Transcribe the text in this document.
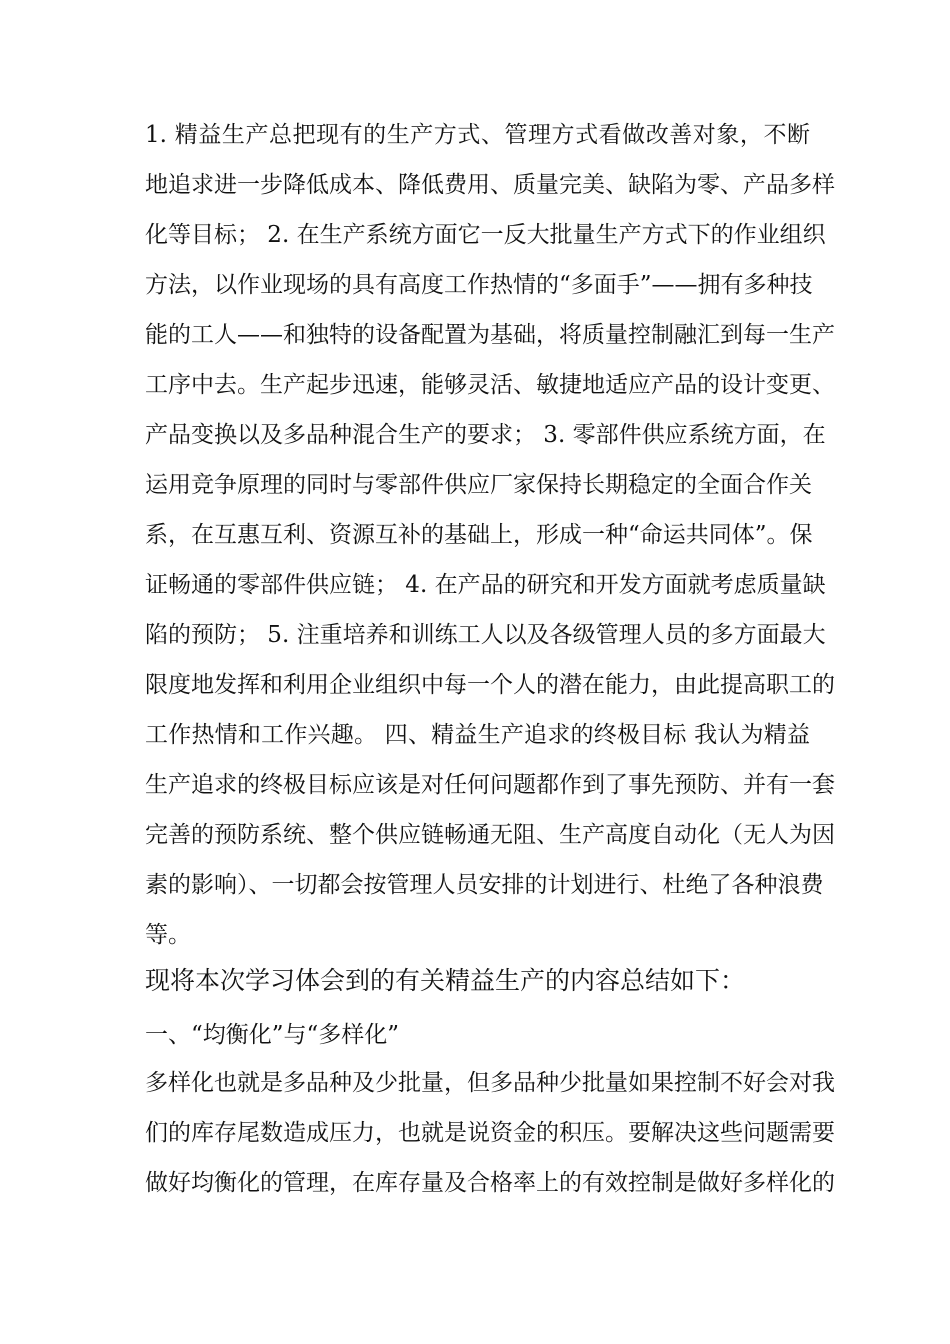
1. 精益生产总把现有的生产方式、管理方式看做改善对象，不断
地追求进一步降低成本、降低费用、质量完美、缺陷为零、产品多样
化等目标； 2. 在生产系统方面它一反大批量生产方式下的作业组织
方法，以作业现场的具有高度工作热情的“多面手”——拥有多种技
能的工人——和独特的设备配置为基础，将质量控制融汇到每一生产
工序中去。生产起步迅速，能够灵活、敏捷地适应产品的设计变更、
产品变换以及多品种混合生产的要求； 3. 零部件供应系统方面，在
运用竞争原理的同时与零部件供应厂家保持长期稳定的全面合作关
系，在互惠互利、资源互补的基础上，形成一种“命运共同体”。保
证畅通的零部件供应链； 4. 在产品的研究和开发方面就考虑质量缺
陷的预防； 5. 注重培养和训练工人以及各级管理人员的多方面最大
限度地发挥和利用企业组织中每一个人的潜在能力，由此提高职工的
工作热情和工作兴趣。 四、精益生产追求的终极目标 我认为精益
生产追求的终极目标应该是对任何问题都作到了事先预防、并有一套
完善的预防系统、整个供应链畅通无阻、生产高度自动化（无人为因
素的影响）、一切都会按管理人员安排的计划进行、杜绝了各种浪费
等。
现将本次学习体会到的有关精益生产的内容总结如下：
一、“均衡化”与“多样化”
多样化也就是多品种及少批量，但多品种少批量如果控制不好会对我
们的库存尾数造成压力，也就是说资金的积压。要解决这些问题需要
做好均衡化的管理，在库存量及合格率上的有效控制是做好多样化的
